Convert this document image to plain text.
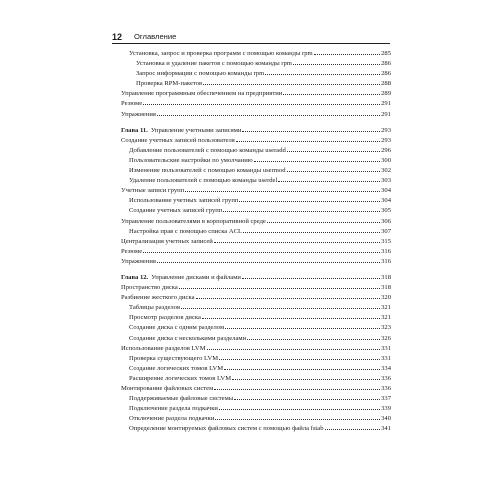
12	Оглавление
Установка, запрос и проверка программ с помощью команды rpm	285
Установка и удаление пакетов с помощью команды rpm	286
Запрос информации с помощью команды rpm	286
Проверка RPM-пакетов	288
Управление программным обеспечением на предприятии	289
Резюме	291
Упражнения	291
Глава 11. Управление учетными записями	293
Создание учетных записей пользователя	293
Добавление пользователей с помощью команды useradd	296
Пользовательские настройки по умолчанию	300
Изменение пользователей с помощью команды usermod	302
Удаление пользователей с помощью команды userdel	303
Учетные записи групп	304
Использование учетных записей групп	304
Создание учетных записей групп	305
Управление пользователями в корпоративной среде	306
Настройка прав с помощью списка ACL	307
Централизация учетных записей	315
Резюме	316
Упражнения	316
Глава 12. Управление дисками и файлами	318
Пространство диска	318
Разбиение жесткого диска	320
Таблицы разделов	321
Просмотр разделов диска	321
Создание диска с одним разделом	323
Создание диска с несколькими разделами	326
Использование разделов LVM	331
Проверка существующего LVM	331
Создание логических томов LVM	334
Расширение логических томов LVM	336
Монтирование файловых систем	336
Поддерживаемые файловые системы	337
Подключение раздела подкачки	339
Отключение раздела подкачки	340
Определение монтируемых файловых систем с помощью файла fstab	341
